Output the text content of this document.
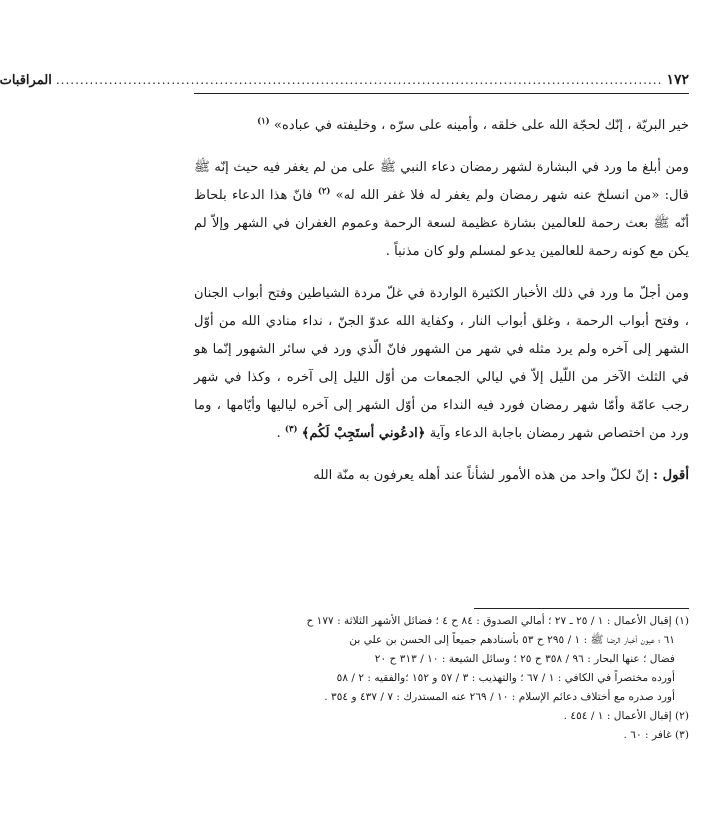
١٧٢
..............................................................................................................................
المراقبات

خير البريّة ، إنّك لحجّة الله على خلقه ، وأمينه على سرّه ، وخليفته في عباده» $^{(١)}$

ومن أبلغ ما ورد في البشارة لشهر رمضان دعاء النبي ﷺ على من لم يغفر فيه حيث إنّه ﷺ قال: «من انسلخ عنه شهر رمضان ولم يغفر له فلا غفر الله له» $^{(٢)}$ فانّ هذا الدعاء بلحاظ أنّه ﷺ بعث رحمة للعالمين بشارة عظيمة لسعة الرحمة وعموم الغفران في الشهر وإلاّ لم يكن مع كونه رحمة للعالمين يدعو لمسلم ولو كان مذنباً .

ومن أجلّ ما ورد في ذلك الأخبار الكثيرة الواردة في غلّ مردة الشياطين وفتح أبواب الجنان ، وفتح أبواب الرحمة ، وغلق أبواب النار ، وكفاية الله عدوّ الجنّ ، نداء منادي الله من أوّل الشهر إلى آخره ولم يرد مثله في شهر من الشهور فانّ الّذي ورد في سائر الشهور إنّما هو في الثلث الآخر من اللّيل إلاّ في ليالي الجمعات من أوّل الليل إلى آخره ، وكذا في شهر رجب عامّة وأمّا شهر رمضان فورد فيه النداء من أوّل الشهر إلى آخره لياليها وأيّامها ، وما ورد من اختصاص شهر رمضان باجابة الدعاء وآية ﴿ادعُوني أستَجِبْ لَكُم﴾ $^{(٣)}$ .

أقول : إنّ لكلّ واحد من هذه الأمور لشأناً عند أهله يعرفون به منّة الله

(١) إقبال الأعمال : ١ / ٢٥ ـ ٢٧ ؛ أمالي الصدوق : ٨٤ ح ٤ ؛ فضائل الأشهر الثلاثة : ١٧٧ ح

٦١ ؛ عيون أخبار الرضا ﷺ : ١ / ٢٩٥ ح ٥٣ بأسنادهم جميعاً إلى الحسن بن علي بن

فضال ؛ عنها البحار : ٩٦ / ٣٥٨ ح ٢٥ ؛ وسائل الشيعة : ١٠ / ٣١٣ ح ٢٠

أورده مختصراً في الكافي : ١ / ٦٧ ؛ والتهذيب : ٣ / ٥٧ و ١٥٢ ؛والفقيه : ٢ / ٥٨

أورد صدره مع أختلاف دعائم الإسلام : ١٠ / ٢٦٩ عنه المستدرك : ٧ / ٤٣٧ و ٣٥٤ .

(٢) إقبال الأعمال : ١ / ٤٥٤ .

(٣) غافر : ٦٠ .
